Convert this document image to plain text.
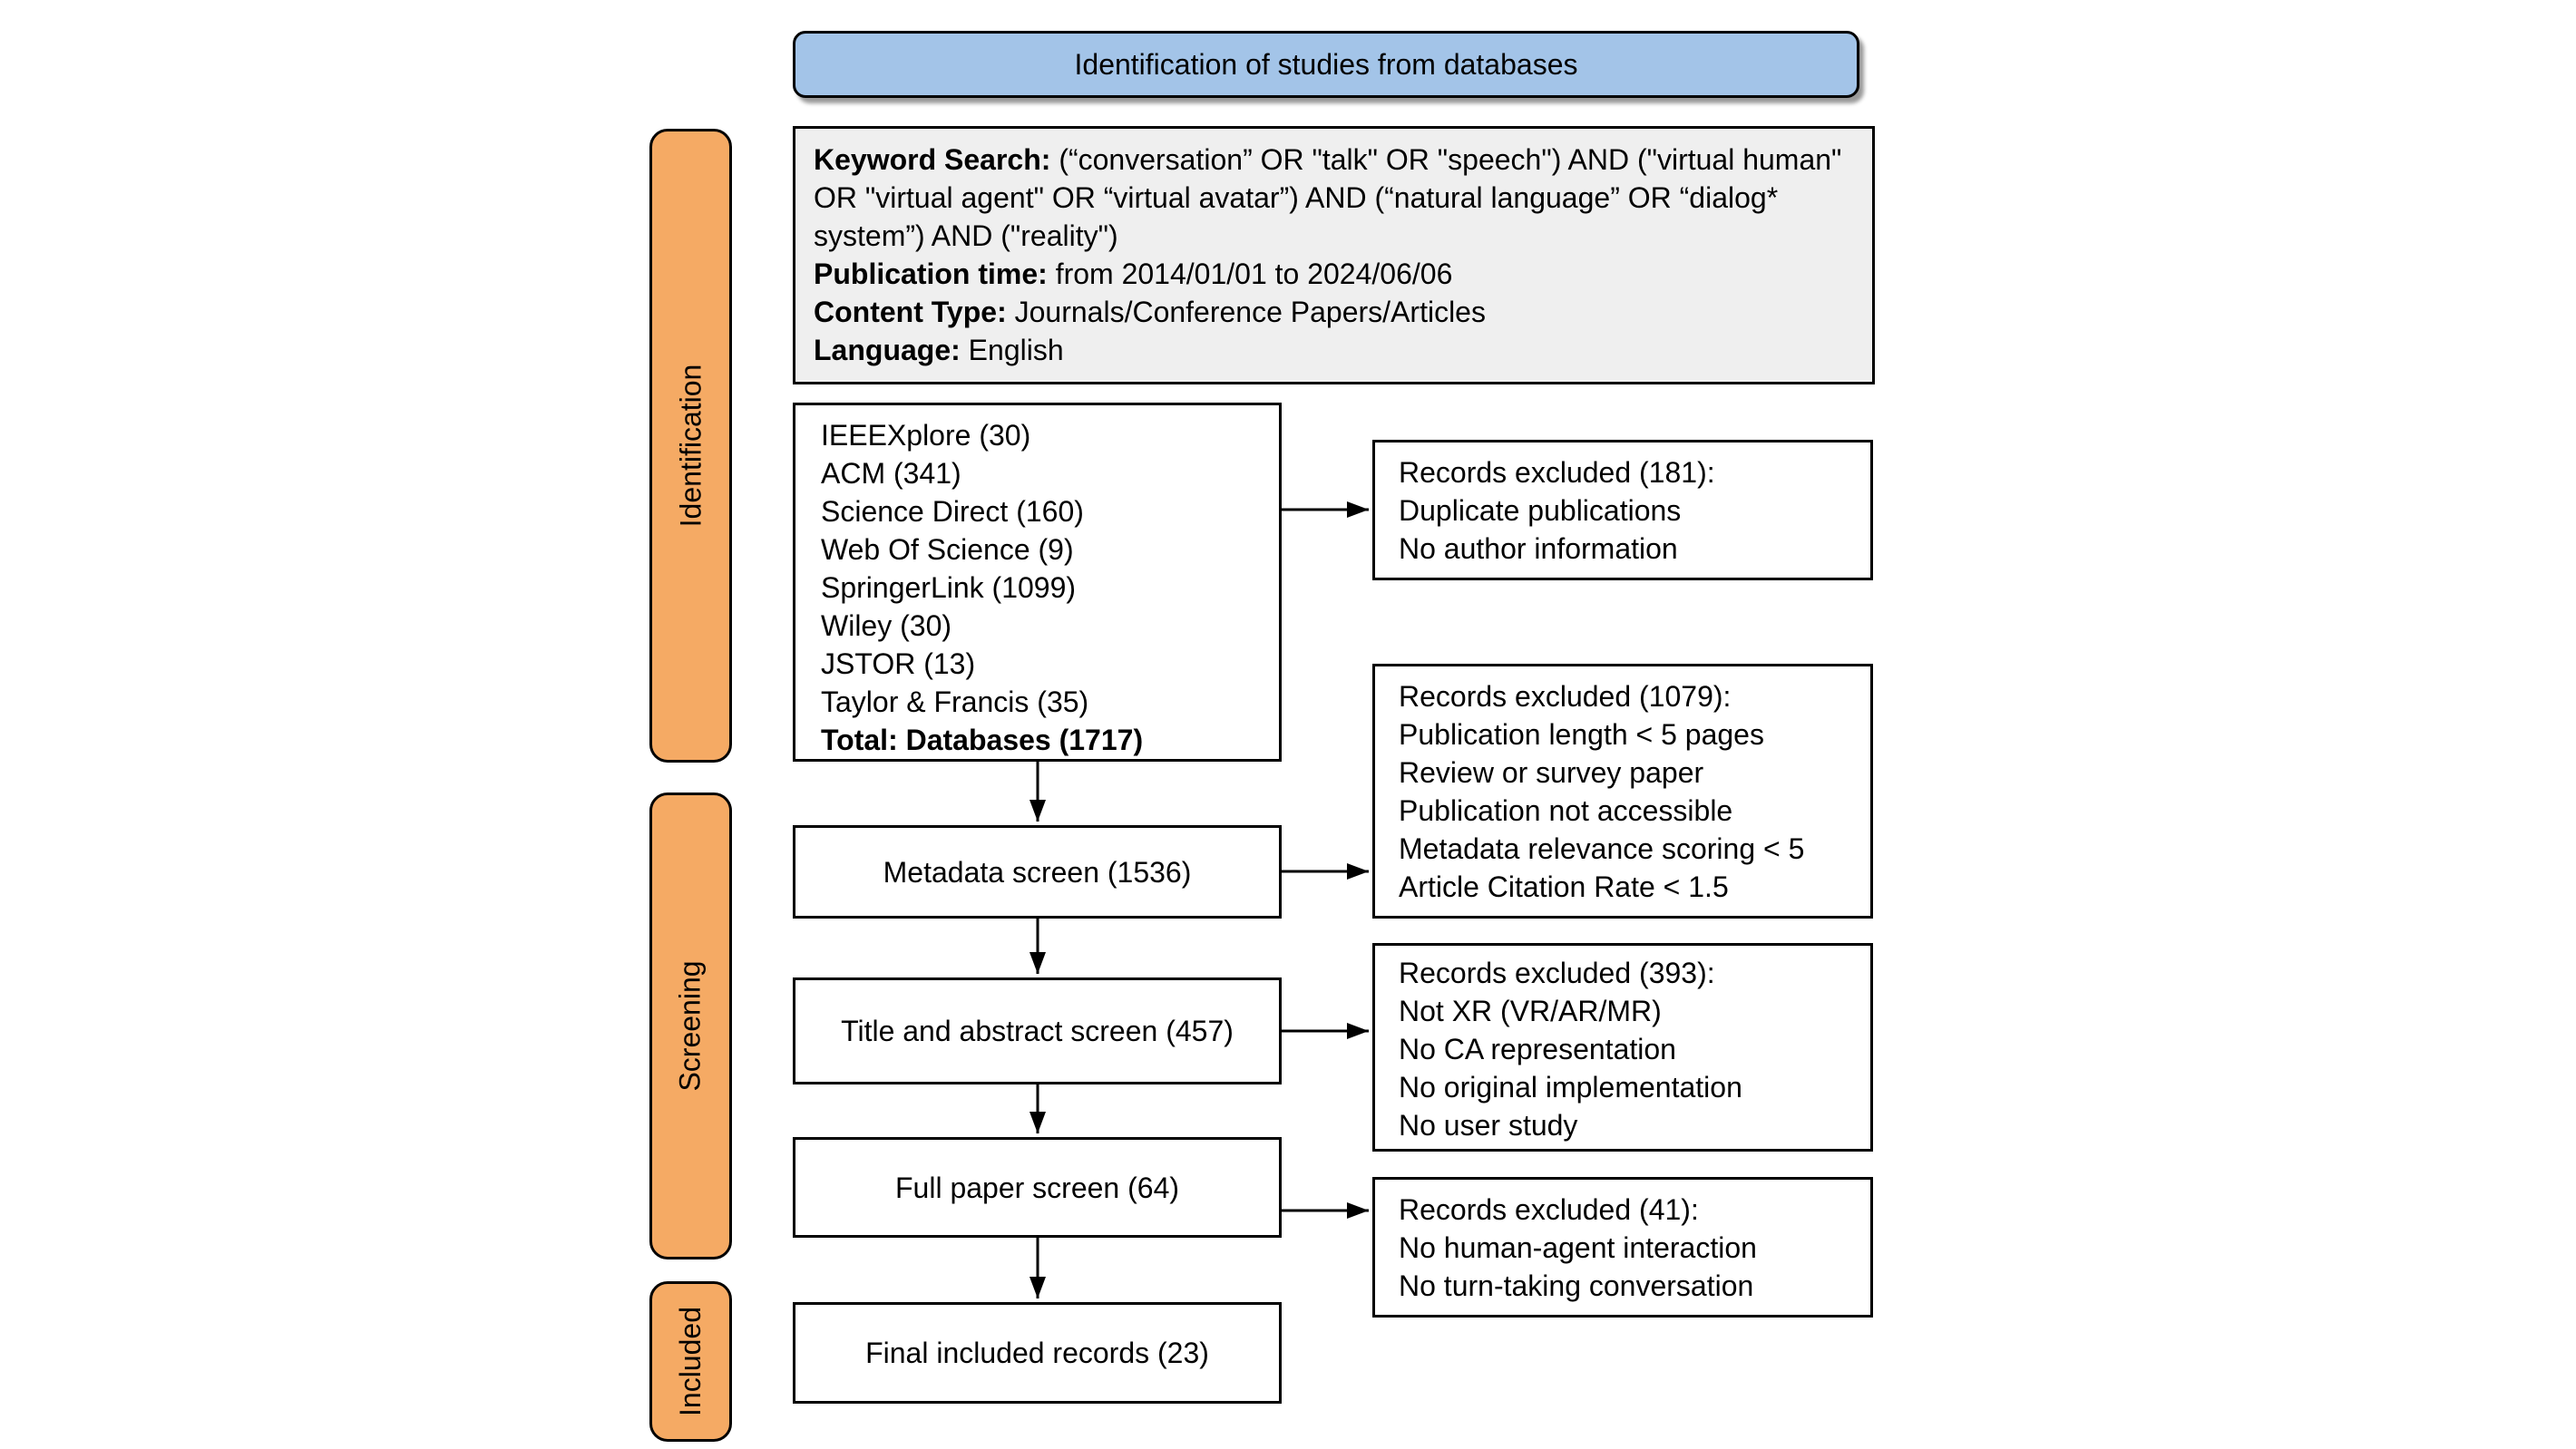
Identification of studies from databases

Keyword Search: (“conversation” OR "talk" OR "speech") AND ("virtual human" OR "virtual agent" OR “virtual avatar”) AND (“natural language” OR “dialog* system”) AND ("reality")

Publication time: from 2014/01/01 to 2024/06/06

Content Type: Journals/Conference Papers/Articles

Language: English

IEEEXplore (30)
ACM (341)
Science Direct (160)
Web Of Science (9)
SpringerLink (1099)
Wiley (30)
JSTOR (13)
Taylor & Francis (35)
Total: Databases (1717)
Records excluded (181):
Duplicate publications
No author information
Metadata screen (1536)
Records excluded (1079):
Publication length < 5 pages
Review or survey paper
Publication not accessible
Metadata relevance scoring < 5
Article Citation Rate < 1.5
Title and abstract screen (457)
Records excluded (393):
Not XR (VR/AR/MR)
No CA representation
No original implementation
No user study
Full paper screen (64)
Records excluded (41):
No human-agent interaction
No turn-taking conversation
Final included records (23)
Identification
Screening
Included
